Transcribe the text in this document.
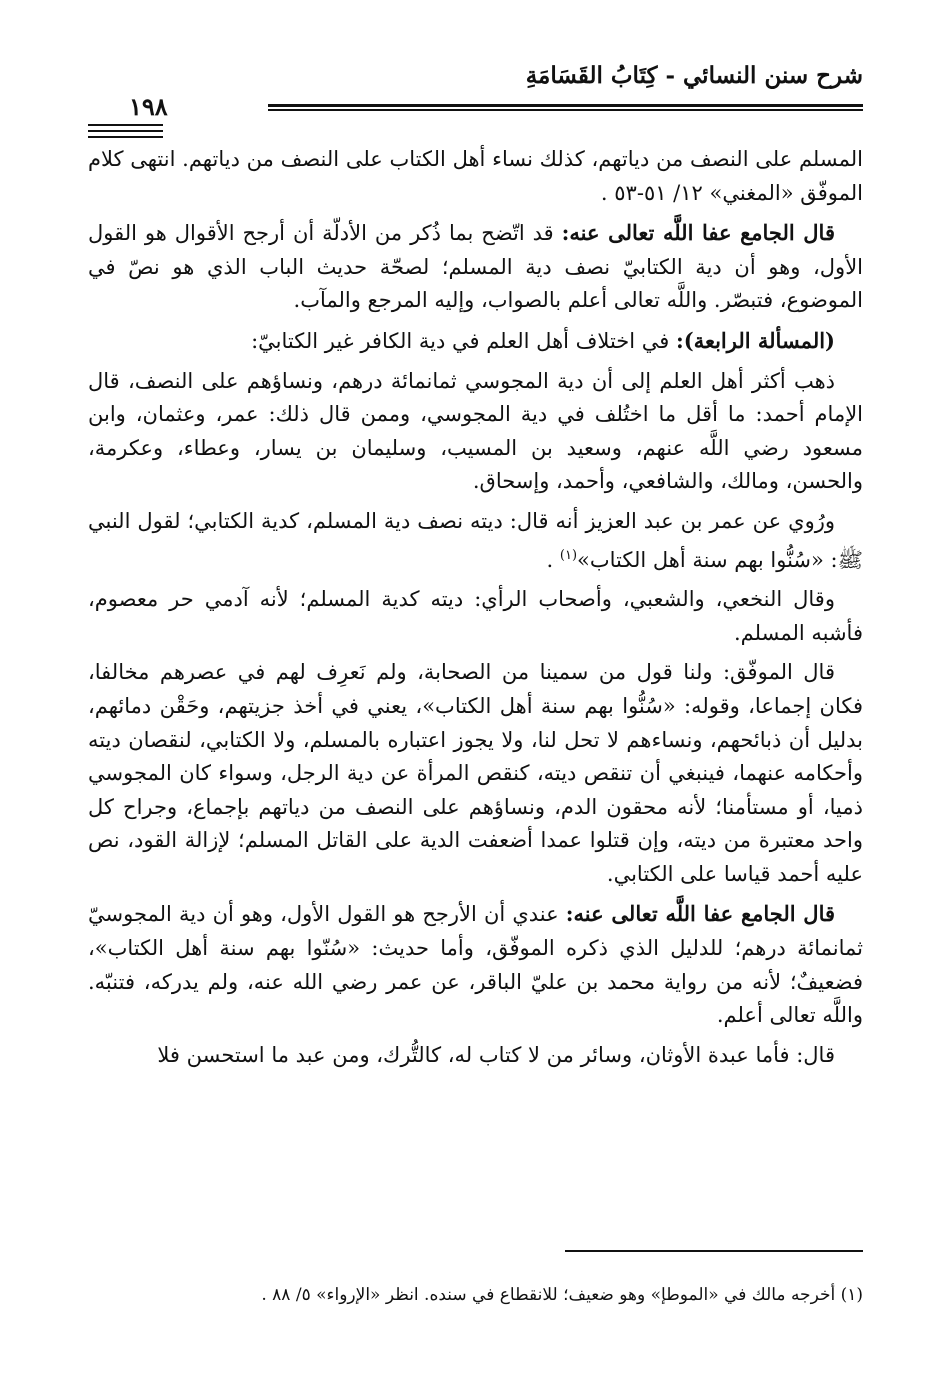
١٩٨
شرح سنن النسائي - كِتَابُ القَسَامَةِ

المسلم على النصف من دياتهم، كذلك نساء أهل الكتاب على النصف من دياتهم. انتهى كلام الموفّق «المغني» ١٢/ ٥١-٥٣ .

قال الجامع عفا اللَّه تعالى عنه: قد اتّضح بما ذُكر من الأدلّة أن أرجح الأقوال هو القول الأول، وهو أن دية الكتابيّ نصف دية المسلم؛ لصحّة حديث الباب الذي هو نصّ في الموضوع، فتبصّر. واللَّه تعالى أعلم بالصواب، وإليه المرجع والمآب.

(المسألة الرابعة): في اختلاف أهل العلم في دية الكافر غير الكتابيّ:

ذهب أكثر أهل العلم إلى أن دية المجوسي ثمانمائة درهم، ونساؤهم على النصف، قال الإمام أحمد: ما أقل ما اختُلف في دية المجوسي، وممن قال ذلك: عمر، وعثمان، وابن مسعود رضي اللَّه عنهم، وسعيد بن المسيب، وسليمان بن يسار، وعطاء، وعكرمة، والحسن، ومالك، والشافعي، وأحمد، وإسحاق.

ورُوي عن عمر بن عبد العزيز أنه قال: ديته نصف دية المسلم، كدية الكتابي؛ لقول النبي ﷺ: «سُنُّوا بهم سنة أهل الكتاب»$^{(١)}$ .

وقال النخعي، والشعبي، وأصحاب الرأي: ديته كدية المسلم؛ لأنه آدمي حر معصوم، فأشبه المسلم.

قال الموفّق: ولنا قول من سمينا من الصحابة، ولم نَعرِف لهم في عصرهم مخالفا، فكان إجماعا، وقوله: «سُنُّوا بهم سنة أهل الكتاب»، يعني في أخذ جزيتهم، وحَقْن دمائهم، بدليل أن ذبائحهم، ونساءهم لا تحل لنا، ولا يجوز اعتباره بالمسلم، ولا الكتابي، لنقصان ديته وأحكامه عنهما، فينبغي أن تنقص ديته، كنقص المرأة عن دية الرجل، وسواء كان المجوسي ذميا، أو مستأمنا؛ لأنه محقون الدم، ونساؤهم على النصف من دياتهم بإجماع، وجراح كل واحد معتبرة من ديته، وإن قتلوا عمدا أضعفت الدية على القاتل المسلم؛ لإزالة القود، نص عليه أحمد قياسا على الكتابي.

قال الجامع عفا اللَّه تعالى عنه: عندي أن الأرجح هو القول الأول، وهو أن دية المجوسيّ ثمانمائة درهم؛ للدليل الذي ذكره الموفّق، وأما حديث: «سُنّوا بهم سنة أهل الكتاب»، فضعيفٌ؛ لأنه من رواية محمد بن عليّ الباقر، عن عمر رضي الله عنه، ولم يدركه، فتنبّه. واللَّه تعالى أعلم.

قال: فأما عبدة الأوثان، وسائر من لا كتاب له، كالتُّرك، ومن عبد ما استحسن فلا

(١) أخرجه مالك في «الموطإ» وهو ضعيف؛ للانقطاع في سنده. انظر «الإرواء» ٥/ ٨٨ .
